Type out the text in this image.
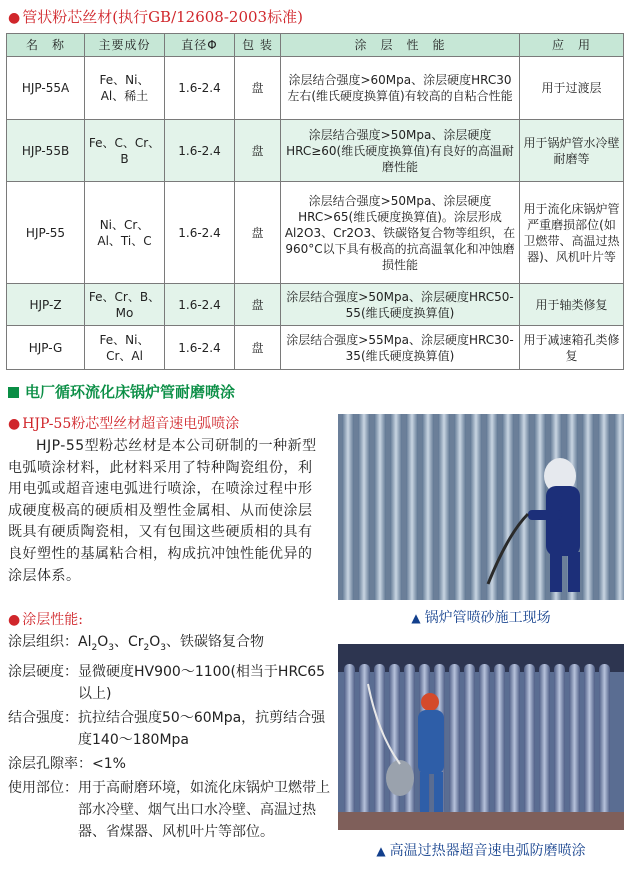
● 管状粉芯丝材(执行GB/12608-2003标准)
名　称	主要成份	直径Φ	包 装	涂　层　性　能	应　用
HJP-55A	Fe、Ni、Al、稀土	1.6-2.4	盘	涂层结合强度>60Mpa、涂层硬度HRC30左右(维氏硬度换算值)有较高的自粘合性能	用于过渡层
HJP-55B	Fe、C、Cr、B	1.6-2.4	盘	涂层结合强度>50Mpa、涂层硬度HRC≥60(维氏硬度换算值)有良好的高温耐磨性能	用于锅炉管水冷壁耐磨等
HJP-55	Ni、Cr、Al、Ti、C	1.6-2.4	盘	涂层结合强度>50Mpa、涂层硬度HRC>65(维氏硬度换算值)。涂层形成Al2O3、Cr2O3、铁碳铬复合物等组织，在960°C以下具有极高的抗高温氧化和冲蚀磨损性能	用于流化床锅炉管严重磨损部位(如卫燃带、高温过热器)、风机叶片等
HJP-Z	Fe、Cr、B、Mo	1.6-2.4	盘	涂层结合强度>50Mpa、涂层硬度HRC50-55(维氏硬度换算值)	用于轴类修复
HJP-G	Fe、Ni、Cr、Al	1.6-2.4	盘	涂层结合强度>55Mpa、涂层硬度HRC30-35(维氏硬度换算值)	用于减速箱孔类修复
电厂循环流化床锅炉管耐磨喷涂
● HJP-55粉芯型丝材超音速电弧喷涂

HJP-55型粉芯丝材是本公司研制的一种新型电弧喷涂材料，此材料采用了特种陶瓷组份，利用电弧或超音速电弧进行喷涂，在喷涂过程中形成硬度极高的硬质相及塑性金属相、从而使涂层既具有硬质陶瓷相，又有包围这些硬质相的具有良好塑性的基属粘合相，构成抗冲蚀性能优异的涂层体系。

● 涂层性能:
涂层组织： $Al_2O_3$、$Cr_2O_3$、铁碳铬复合物
涂层硬度： 显微硬度HV900～1100(相当于HRC65以上)
结合强度： 抗拉结合强度50～60Mpa，抗剪结合强度140～180Mpa
涂层孔隙率： <1%
使用部位： 用于高耐磨环境，如流化床锅炉卫燃带上部水冷壁、烟气出口水冷壁、高温过热器、省煤器、风机叶片等部位。
▲ 锅炉管喷砂施工现场
▲ 高温过热器超音速电弧防磨喷涂
